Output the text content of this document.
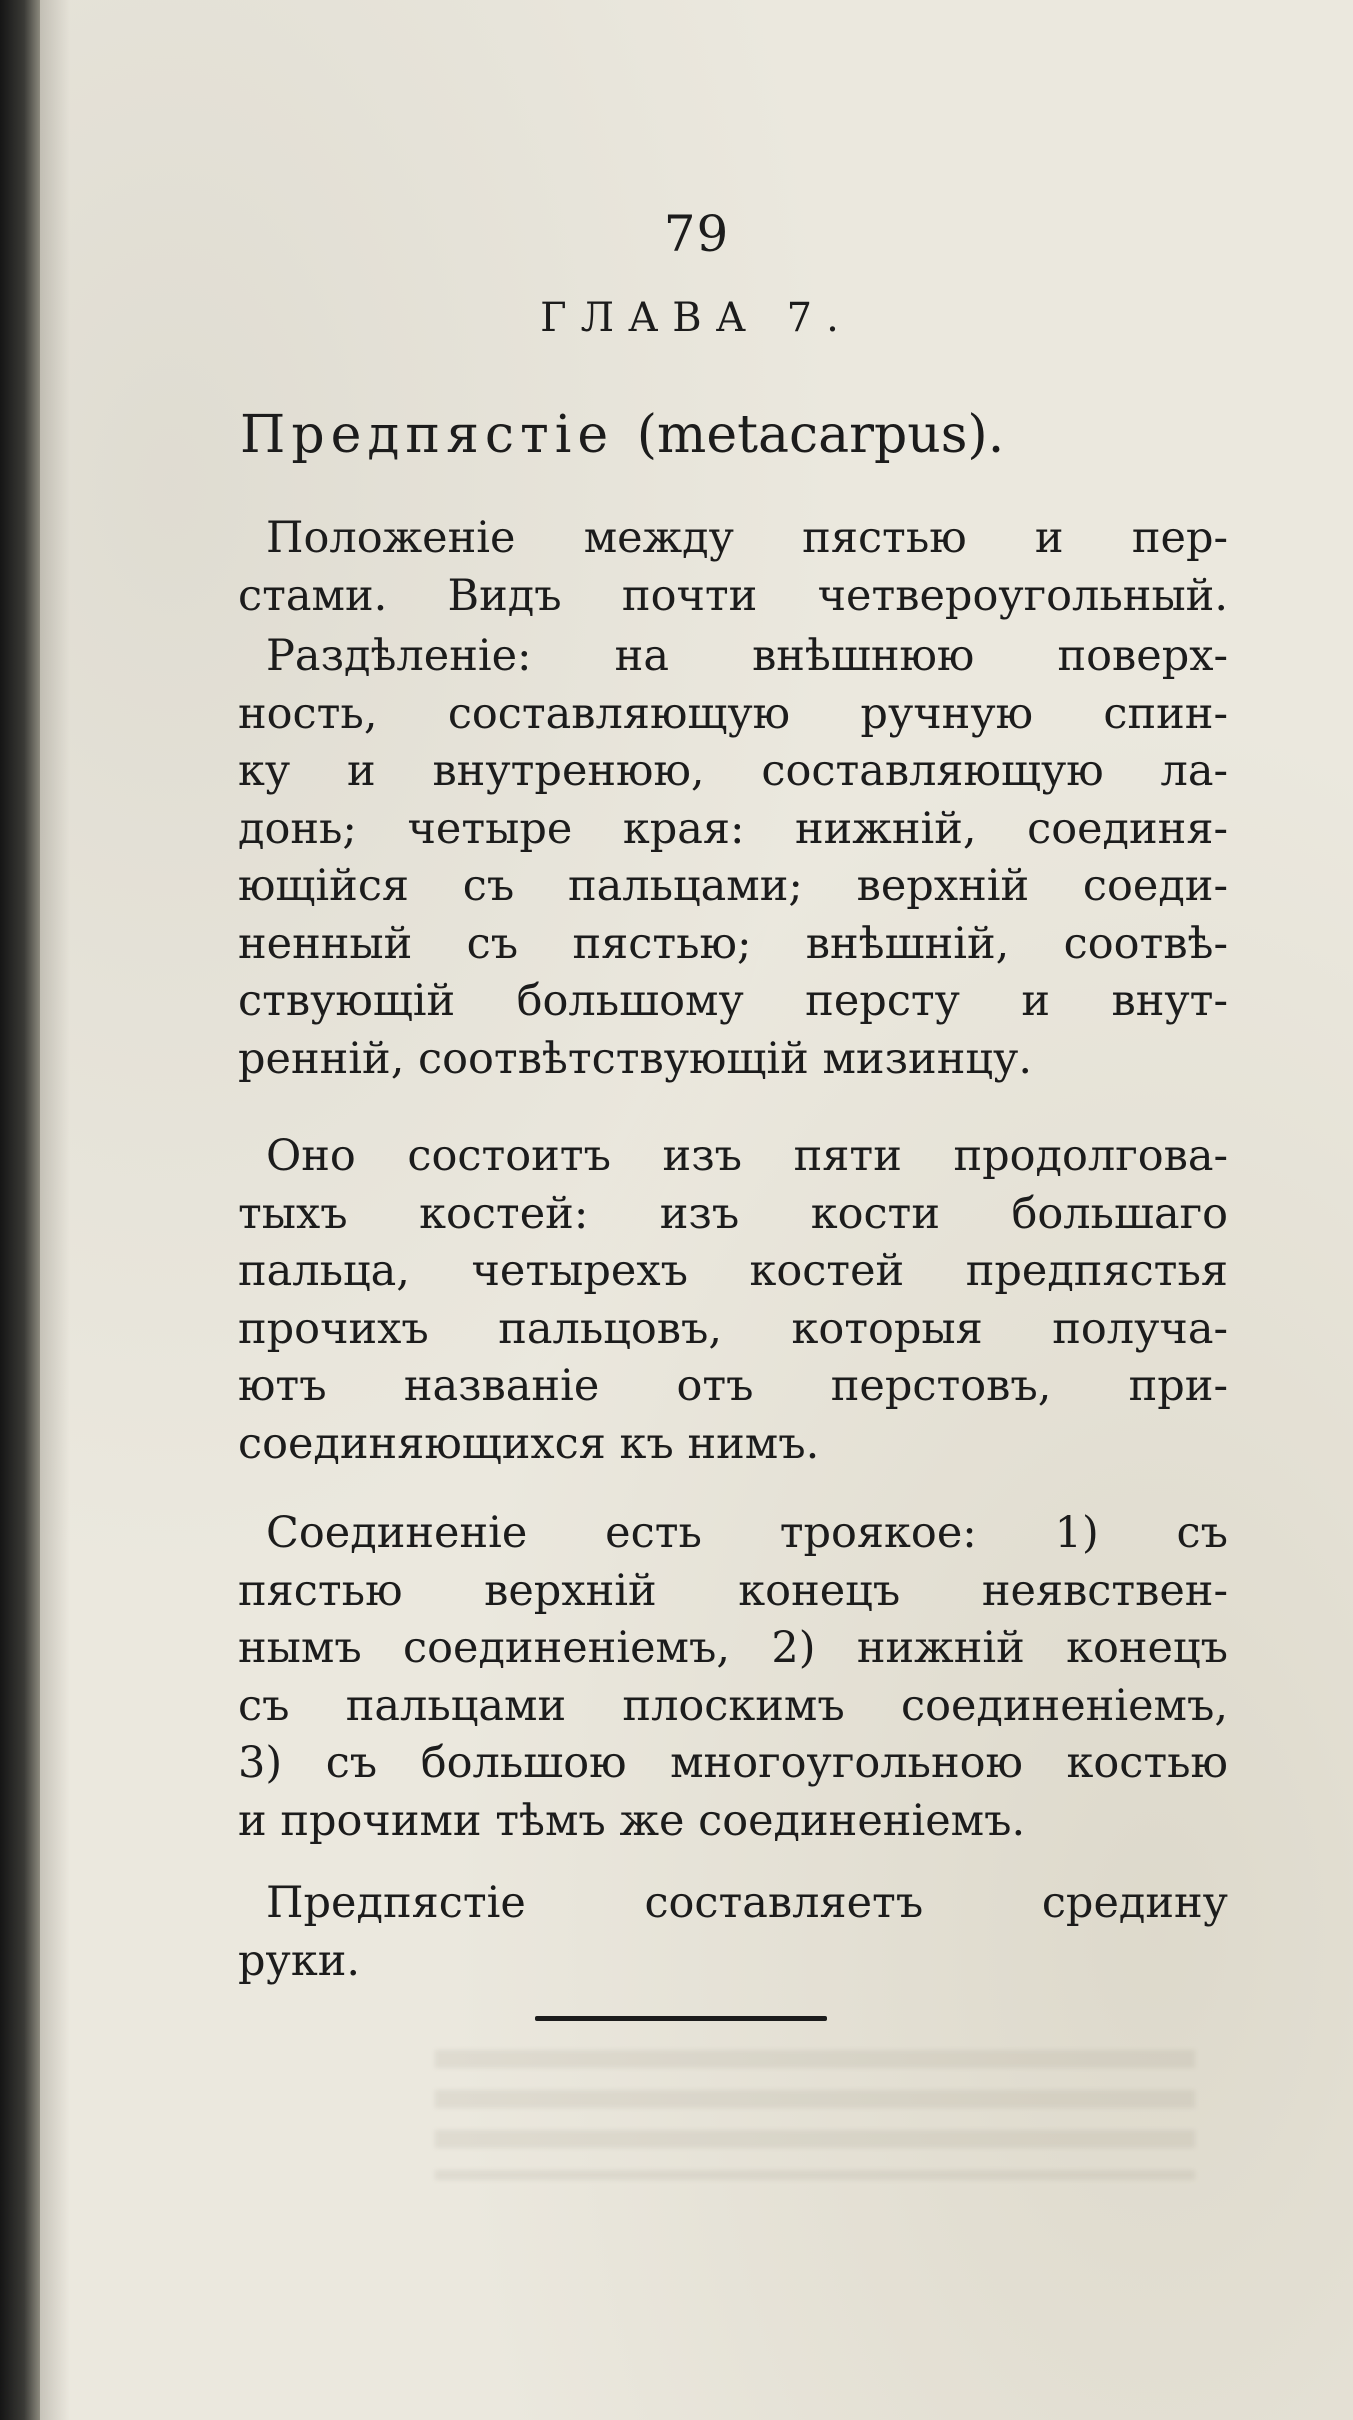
79
ГЛАВА 7.
Предпястіе (metacarpus).
Положеніе между пястью и пер-
стами. Видъ почти четвероугольный.
Раздѣленіе: на внѣшнюю поверх-
ность, составляющую ручную спин-
ку и внутренюю, составляющую ла-
донь; четыре края: нижній, соединя-
ющійся съ пальцами; верхній соеди-
ненный съ пястью; внѣшній, соотвѣ-
ствующій большому персту и внут-
ренній, соотвѣтствующій мизинцу.
Оно состоитъ изъ пяти продолгова-
тыхъ костей: изъ кости большаго
пальца, четырехъ костей предпястья
прочихъ пальцовъ, которыя получа-
ютъ названіе отъ перстовъ, при-
соединяющихся къ нимъ.
Соединеніе есть троякое: 1) съ
пястью верхній конецъ неявствен-
нымъ соединеніемъ, 2) нижній конецъ
съ пальцами плоскимъ соединеніемъ,
3) съ большою многоугольною костью
и прочими тѣмъ же соединеніемъ.
Предпястіе составляетъ средину
руки.
